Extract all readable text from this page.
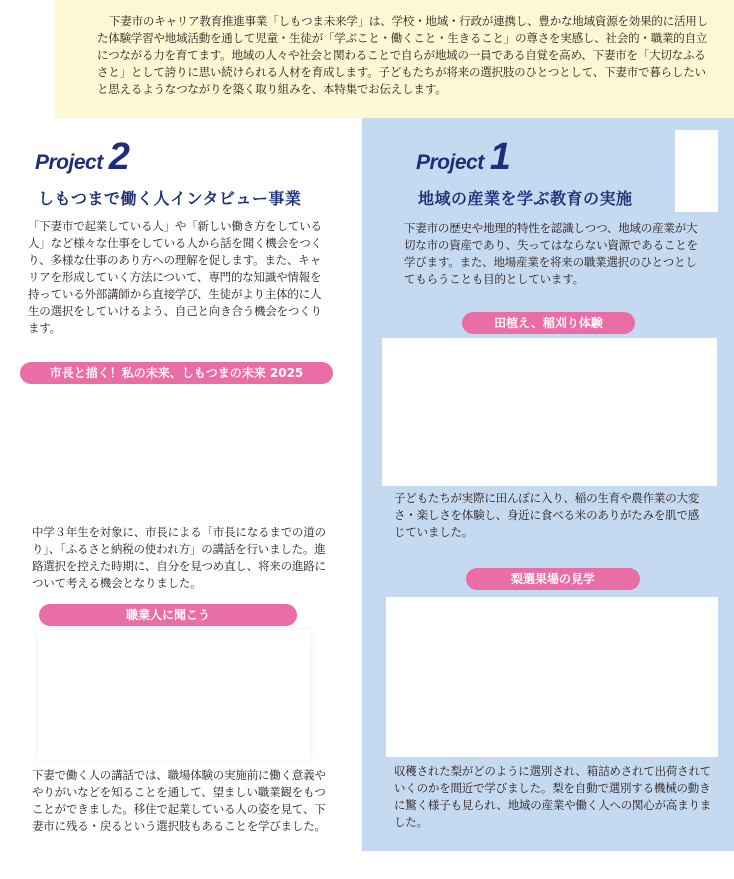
下妻市のキャリア教育推進事業「しもつま未来学」は、学校・地域・行政が連携し、豊かな地域資源を効果的に活用した体験学習や地域活動を通して児童・生徒が「学ぶこと・働くこと・生きること」の尊さを実感し、社会的・職業的自立につながる力を育てます。地域の人々や社会と関わることで自らが地域の一員である自覚を高め、下妻市を「大切なふるさと」として誇りに思い続けられる人材を育成します。子どもたちが将来の選択肢のひとつとして、下妻市で暮らしたいと思えるようなつながりを築く取り組みを、本特集でお伝えします。

Project 2
しもつまで働く人インタビュー事業
「下妻市で起業している人」や「新しい働き方をしている人」など様々な仕事をしている人から話を聞く機会をつくり、多様な仕事のあり方への理解を促します。また、キャリアを形成していく方法について、専門的な知識や情報を持っている外部講師から直接学び、生徒がより主体的に人生の選択をしていけるよう、自己と向き合う機会をつくります。
市長と描く！私の未来、しもつまの未来 2025
中学３年生を対象に、市長による「市長になるまでの道のり」、「ふるさと納税の使われ方」の講話を行いました。進路選択を控えた時期に、自分を見つめ直し、将来の進路について考える機会となりました。
職業人に聞こう
下妻で働く人の講話では、職場体験の実施前に働く意義ややりがいなどを知ることを通して、望ましい職業観をもつことができました。移住で起業している人の姿を見て、下妻市に残る・戻るという選択肢もあることを学びました。
Project 1
地域の産業を学ぶ教育の実施
下妻市の歴史や地理的特性を認識しつつ、地域の産業が大切な市の資産であり、失ってはならない資源であることを学びます。また、地場産業を将来の職業選択のひとつとしてもらうことも目的としています。
田植え、稲刈り体験
子どもたちが実際に田んぼに入り、稲の生育や農作業の大変さ・楽しさを体験し、身近に食べる米のありがたみを肌で感じていました。
梨選果場の見学
収穫された梨がどのように選別され、箱詰めされて出荷されていくのかを間近で学びました。梨を自動で選別する機械の動きに驚く様子も見られ、地域の産業や働く人への関心が高まりました。
